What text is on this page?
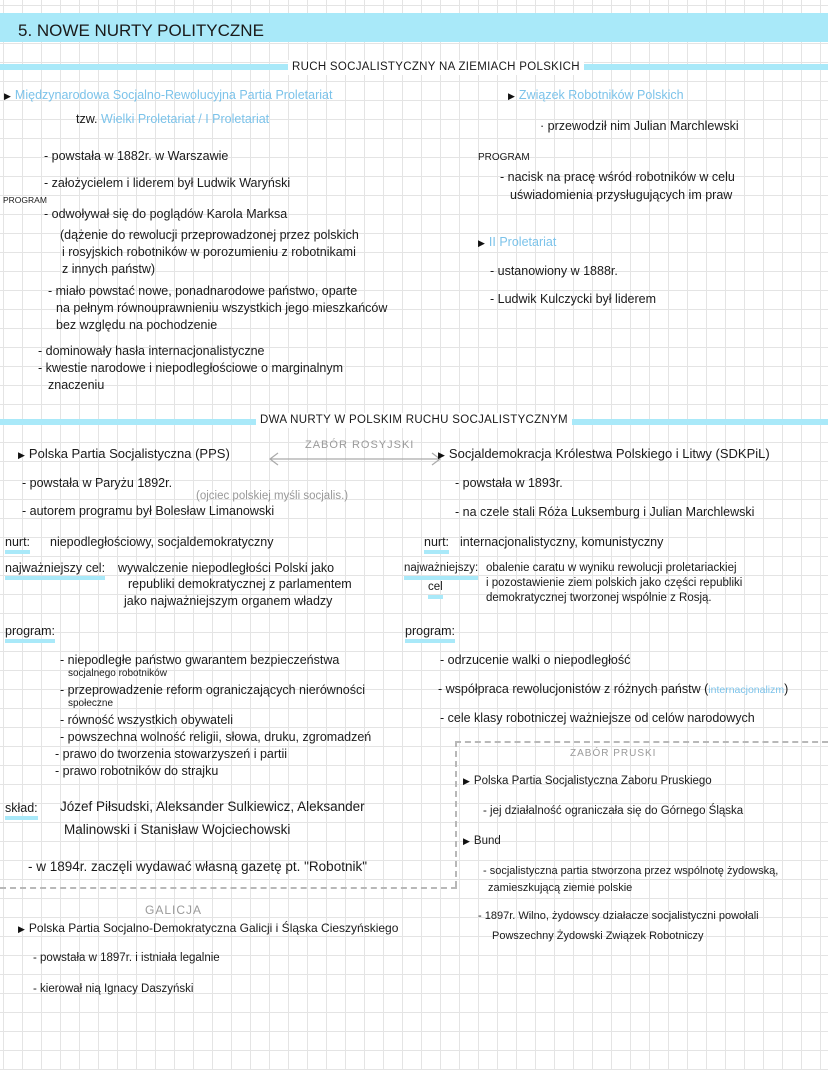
5. NOWE NURTY POLITYCZNE
RUCH SOCJALISTYCZNY NA ZIEMIACH POLSKICH
▶ Międzynarodowa Socjalno-Rewolucyjna Partia Proletariat
tzw. Wielki Proletariat / I Proletariat
- powstała w 1882r. w Warszawie
- założycielem i liderem był Ludwik Waryński
PROGRAM
- odwoływał się do poglądów Karola Marksa
(dążenie do rewolucji przeprowadzonej przez polskich
i rosyjskich robotników w porozumieniu z robotnikami
z innych państw)
- miało powstać nowe, ponadnarodowe państwo, oparte
na pełnym równouprawnieniu wszystkich jego mieszkańców
bez względu na pochodzenie
- dominowały hasła internacjonalistyczne
- kwestie narodowe i niepodległościowe o marginalnym
znaczeniu
▶ Związek Robotników Polskich
· przewodził nim Julian Marchlewski
PROGRAM
- nacisk na pracę wśród robotników w celu
uświadomienia przysługujących im praw
▶ II Proletariat
- ustanowiony w 1888r.
- Ludwik Kulczycki był liderem
DWA NURTY W POLSKIM RUCHU SOCJALISTYCZNYM
ZABÓR ROSYJSKI
▶ Polska Partia Socjalistyczna (PPS)
- powstała w Paryżu 1892r.
(ojciec polskiej myśli socjalis.)
- autorem programu był Bolesław Limanowski
nurt: niepodległościowy, socjaldemokratyczny
najważniejszy cel: wywalczenie niepodległości Polski jako
republiki demokratycznej z parlamentem
jako najważniejszym organem władzy
program:
- niepodległe państwo gwarantem bezpieczeństwa
socjalnego robotników
- przeprowadzenie reform ograniczających nierówności
społeczne
- równość wszystkich obywateli
- powszechna wolność religii, słowa, druku, zgromadzeń
- prawo do tworzenia stowarzyszeń i partii
- prawo robotników do strajku
skład: Józef Piłsudski, Aleksander Sulkiewicz, Aleksander
Malinowski i Stanisław Wojciechowski
- w 1894r. zaczęli wydawać własną gazetę pt. "Robotnik"
▶ Socjaldemokracja Królestwa Polskiego i Litwy (SDKPiL)
- powstała w 1893r.
- na czele stali Róża Luksemburg i Julian Marchlewski
nurt: internacjonalistyczny, komunistyczny
najważniejszy:
cel
obalenie caratu w wyniku rewolucji proletariackiej
i pozostawienie ziem polskich jako części republiki
demokratycznej tworzonej wspólnie z Rosją.
program:
- odrzucenie walki o niepodległość
- współpraca rewolucjonistów z różnych państw (internacjonalizm)
- cele klasy robotniczej ważniejsze od celów narodowych
ZABÓR PRUSKI
▶ Polska Partia Socjalistyczna Zaboru Pruskiego
- jej działalność ograniczała się do Górnego Śląska
▶ Bund
- socjalistyczna partia stworzona przez wspólnotę żydowską,
zamieszkującą ziemie polskie
- 1897r. Wilno, żydowscy działacze socjalistyczni powołali
Powszechny Żydowski Związek Robotniczy
GALICJA
▶ Polska Partia Socjalno-Demokratyczna Galicji i Śląska Cieszyńskiego
- powstała w 1897r. i istniała legalnie
- kierował nią Ignacy Daszyński
